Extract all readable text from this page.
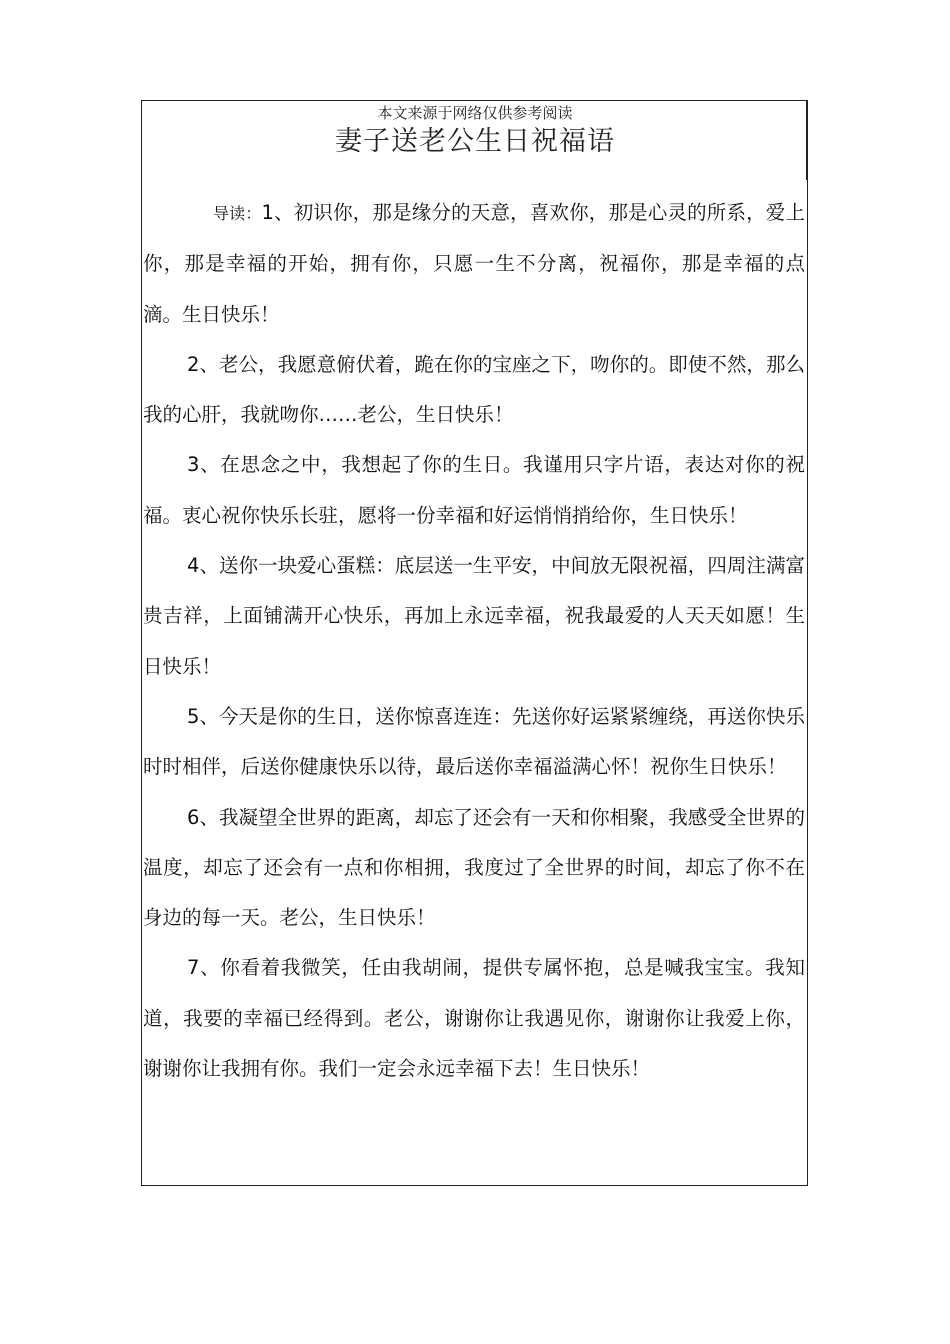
本文来源于网络仅供参考阅读
妻子送老公生日祝福语

导读：1、初识你，那是缘分的天意，喜欢你，那是心灵的所系，爱上你，那是幸福的开始，拥有你，只愿一生不分离，祝福你，那是幸福的点滴。生日快乐！

2、老公，我愿意俯伏着，跪在你的宝座之下，吻你的。即使不然，那么我的心肝，我就吻你……老公，生日快乐！

3、在思念之中，我想起了你的生日。我谨用只字片语，表达对你的祝福。衷心祝你快乐长驻，愿将一份幸福和好运悄悄捎给你，生日快乐！

4、送你一块爱心蛋糕：底层送一生平安，中间放无限祝福，四周注满富贵吉祥，上面铺满开心快乐，再加上永远幸福，祝我最爱的人天天如愿！生日快乐！

5、今天是你的生日，送你惊喜连连：先送你好运紧紧缠绕，再送你快乐时时相伴，后送你健康快乐以待，最后送你幸福溢满心怀！祝你生日快乐！

6、我凝望全世界的距离，却忘了还会有一天和你相聚，我感受全世界的温度，却忘了还会有一点和你相拥，我度过了全世界的时间，却忘了你不在身边的每一天。老公，生日快乐！

7、你看着我微笑，任由我胡闹，提供专属怀抱，总是喊我宝宝。我知道，我要的幸福已经得到。老公，谢谢你让我遇见你，谢谢你让我爱上你，谢谢你让我拥有你。我们一定会永远幸福下去！生日快乐！
